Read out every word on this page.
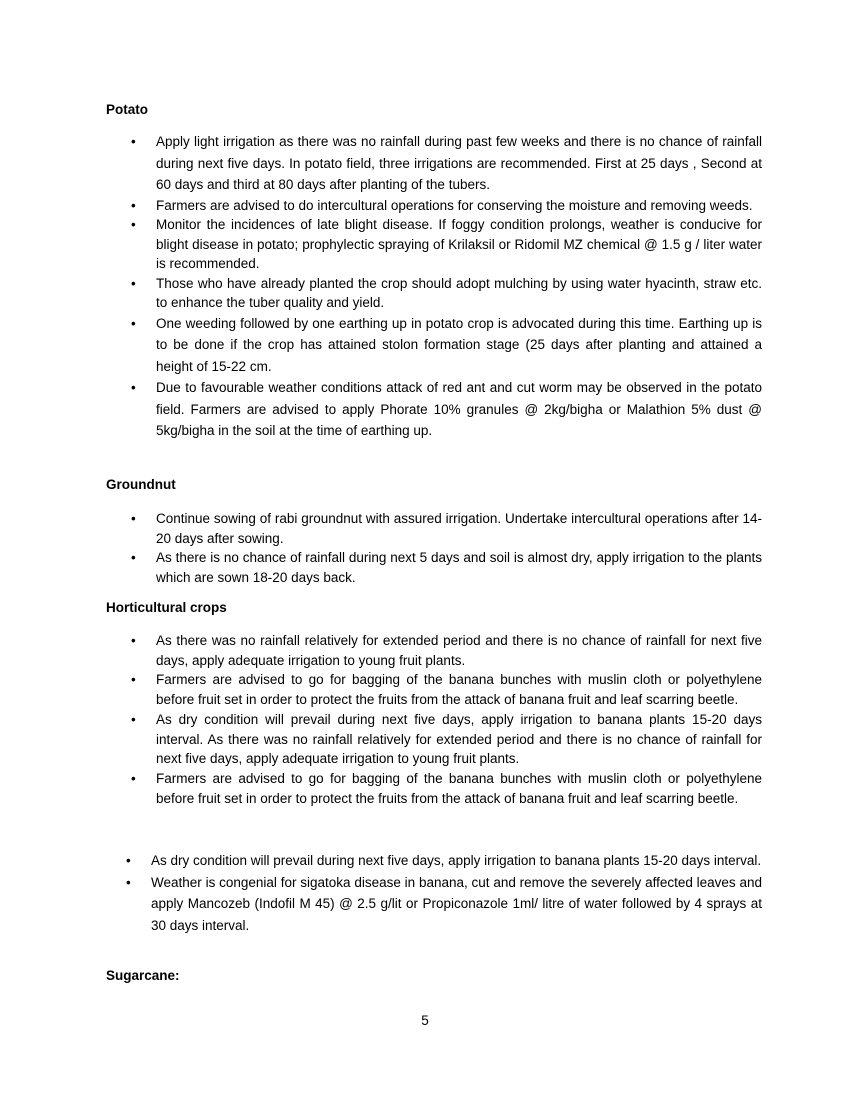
Potato

• Apply light irrigation as there was no rainfall during past few weeks and there is no chance of rainfall during next five days. In potato field, three irrigations are recommended. First at 25 days , Second at 60 days and third at 80 days after planting of the tubers.
• Farmers are advised to do intercultural operations for conserving the moisture and removing weeds.
• Monitor the incidences of late blight disease. If foggy condition prolongs, weather is conducive for blight disease in potato; prophylectic spraying of Krilaksil or Ridomil MZ chemical @ 1.5 g / liter water is recommended.
• Those who have already planted the crop should adopt mulching by using water hyacinth, straw etc. to enhance the tuber quality and yield.
• One weeding followed by one earthing up in potato crop is advocated during this time. Earthing up is to be done if the crop has attained stolon formation stage (25 days after planting and attained a height of 15-22 cm.
• Due to favourable weather conditions attack of red ant and cut worm may be observed in the potato field. Farmers are advised to apply Phorate 10% granules @ 2kg/bigha or Malathion 5% dust @ 5kg/bigha in the soil at the time of earthing up.

Groundnut

• Continue sowing of rabi groundnut with assured irrigation. Undertake intercultural operations after 14-20 days after sowing.
• As there is no chance of rainfall during next 5 days and soil is almost dry, apply irrigation to the plants which are sown 18-20 days back.

Horticultural crops

• As there was no rainfall relatively for extended period and there is no chance of rainfall for next five days, apply adequate irrigation to young fruit plants.
• Farmers are advised to go for bagging of the banana bunches with muslin cloth or polyethylene before fruit set in order to protect the fruits from the attack of banana fruit and leaf scarring beetle.
• As dry condition will prevail during next five days, apply irrigation to banana plants 15-20 days interval. As there was no rainfall relatively for extended period and there is no chance of rainfall for next five days, apply adequate irrigation to young fruit plants.
• Farmers are advised to go for bagging of the banana bunches with muslin cloth or polyethylene before fruit set in order to protect the fruits from the attack of banana fruit and leaf scarring beetle.
• As dry condition will prevail during next five days, apply irrigation to banana plants 15-20 days interval.
• Weather is congenial for sigatoka disease in banana, cut and remove the severely affected leaves and apply Mancozeb (Indofil M 45) @ 2.5 g/lit or Propiconazole 1ml/ litre of water followed by 4 sprays at 30 days interval.

Sugarcane:

5
